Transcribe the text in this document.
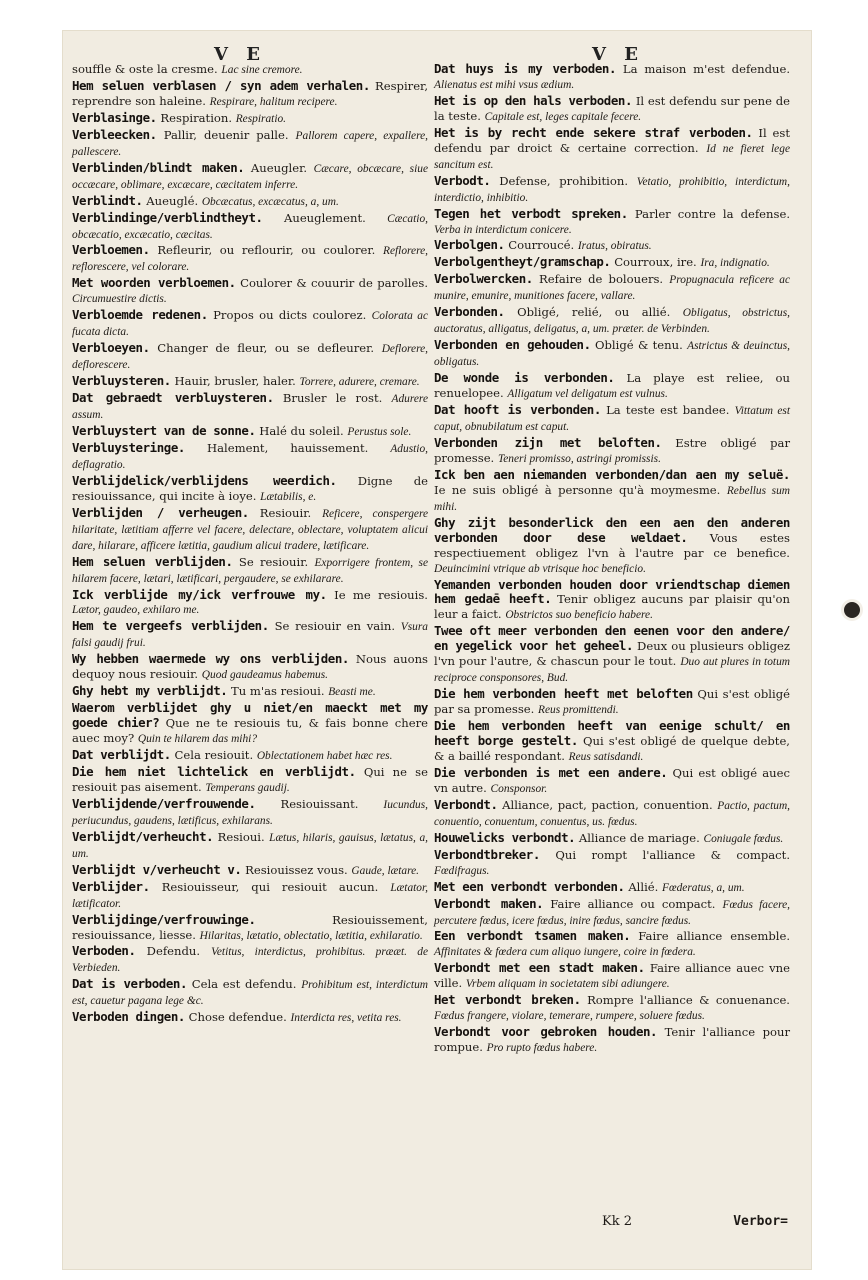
V E	V E

souffle & oste la cresme. Lac sine cremore.

Hem seluen verblasen / syn adem verhalen. Respirer, reprendre son haleine. Respirare, halitum recipere.

Verblasinge. Respiration. Respiratio.

Verbleecken. Pallir, deuenir palle. Pallorem capere, expallere, pallescere.

Verblinden/blindt maken. Aueugler. Cæcare, obcæcare, siue occæcare, oblimare, excæcare, cæcitatem inferre.

Verblindt. Aueuglé. Obcæcatus, excæcatus, a, um.

Verblindinge/verblindtheyt. Aueuglement. Cæcatio, obcæcatio, excæcatio, cæcitas.

Verbloemen. Refleurir, ou reflourir, ou coulorer. Reflorere, reflorescere, vel colorare.

Met woorden verbloemen. Coulorer & couurir de parolles. Circumuestire dictis.

Verbloemde redenen. Propos ou dicts coulorez. Colorata ac fucata dicta.

Verbloeyen. Changer de fleur, ou se defleurer. Deflorere, deflorescere.

Verbluysteren. Hauir, brusler, haler. Torrere, adurere, cremare.

Dat gebraedt verbluysteren. Brusler le rost. Adurere assum.

Verbluystert van de sonne. Halé du soleil. Perustus sole.

Verbluysteringe. Halement, hauissement. Adustio, deflagratio.

Verblijdelick/verblijdens weerdich. Digne de resiouissance, qui incite à ioye. Lætabilis, e.

Verblijden / verheugen. Resiouir. Reficere, conspergere hilaritate, lætitiam afferre vel facere, delectare, oblectare, voluptatem alicui dare, hilarare, afficere lætitia, gaudium alicui tradere, lætificare.

Hem seluen verblijden. Se resiouir. Exporrigere frontem, se hilarem facere, lætari, lætificari, pergaudere, se exhilarare.

Ick verblijde my/ick verfrouwe my. Ie me resiouis. Lætor, gaudeo, exhilaro me.

Hem te vergeefs verblijden. Se resiouir en vain. Vsura falsi gaudij frui.

Wy hebben waermede wy ons verblijden. Nous auons dequoy nous resiouir. Quod gaudeamus habemus.

Ghy hebt my verblijdt. Tu m'as resioui. Beasti me.

Waerom verblijdet ghy u niet/en maeckt met my goede chier? Que ne te resiouis tu, & fais bonne chere auec moy? Quin te hilarem das mihi?

Dat verblijdt. Cela resiouit. Oblectationem habet hæc res.

Die hem niet lichtelick en verblijdt. Qui ne se resiouit pas aisement. Temperans gaudij.

Verblijdende/verfrouwende. Resiouissant. Iucundus, periucundus, gaudens, lætificus, exhilarans.

Verblijdt/verheucht. Resioui. Lætus, hilaris, gauisus, lætatus, a, um.

Verblijdt v/verheucht v. Resiouissez vous. Gaude, lætare.

Verblijder. Resiouisseur, qui resiouit aucun. Lætator, lætificator.

Verblijdinge/verfrouwinge.	Resiouissement, resiouissance, liesse. Hilaritas, lætatio, oblectatio, lætitia, exhilaratio.

Verboden. Defendu. Vetitus, interdictus, prohibitus. prææt. de Verbieden.

Dat is verboden. Cela est defendu. Prohibitum est, interdictum est, cauetur pagana lege &c.

Verboden dingen. Chose defendue. Interdicta res, vetita res.

Dat huys is my verboden. La maison m'est defendue. Alienatus est mihi vsus ædium.

Het is op den hals verboden. Il est defendu sur pene de la teste. Capitale est, leges capitale fecere.

Het is by recht ende sekere straf verboden. Il est defendu par droict & certaine correction. Id ne fieret lege sancitum est.

Verbodt. Defense, prohibition. Vetatio, prohibitio, interdictum, interdictio, inhibitio.

Tegen het verbodt spreken. Parler contre la defense. Verba in interdictum conicere.

Verbolgen. Courroucé. Iratus, obiratus.

Verbolgentheyt/gramschap. Courroux, ire. Ira, indignatio.

Verbolwercken. Refaire de bolouers. Propugnacula reficere ac munire, emunire, munitiones facere, vallare.

Verbonden. Obligé, relié, ou allié. Obligatus, obstrictus, auctoratus, alligatus, deligatus, a, um. præter. de Verbinden.

Verbonden en gehouden. Obligé & tenu. Astrictus & deuinctus, obligatus.

De wonde is verbonden. La playe est reliee, ou renuelopee. Alligatum vel deligatum est vulnus.

Dat hooft is verbonden. La teste est bandee. Vittatum est caput, obnubilatum est caput.

Verbonden zijn met beloften. Estre obligé par promesse. Teneri promisso, astringi promissis.

Ick ben aen niemanden verbonden/dan aen my seluë. Ie ne suis obligé à personne qu'à moymesme. Rebellus sum mihi.

Ghy zijt besonderlick den een aen den anderen verbonden door dese weldaet. Vous estes respectiuement obligez l'vn à l'autre par ce benefice. Deuincimini vtrique ab vtrisque hoc beneficio.

Yemanden verbonden houden door vriendtschap diemen hem gedaē heeft. Tenir obligez aucuns par plaisir qu'on leur a faict. Obstrictos suo beneficio habere.

Twee oft meer verbonden den eenen voor den andere/ en yegelick voor het geheel. Deux ou plusieurs obligez l'vn pour l'autre, & chascun pour le tout. Duo aut plures in totum reciproce consponsores, Bud.

Die hem verbonden heeft met beloften Qui s'est obligé par sa promesse. Reus promittendi.

Die hem verbonden heeft van eenige schult/ en heeft borge gestelt. Qui s'est obligé de quelque debte, & a baillé respondant. Reus satisdandi.

Die verbonden is met een andere. Qui est obligé auec vn autre. Consponsor.

Verbondt. Alliance, pact, paction, conuention. Pactio, pactum, conuentio, conuentum, conuentus, us. fœdus.

Houwelicks verbondt. Alliance de mariage. Coniugale fœdus.

Verbondtbreker. Qui rompt l'alliance & compact. Fœdifragus.

Met een verbondt verbonden. Allié. Fœderatus, a, um.

Verbondt maken. Faire alliance ou compact. Fœdus facere, percutere fœdus, icere fœdus, inire fœdus, sancire fœdus.

Een verbondt tsamen maken. Faire alliance ensemble. Affinitates & fœdera cum aliquo iungere, coire in fœdera.

Verbondt met een stadt maken. Faire alliance auec vne ville. Vrbem aliquam in societatem sibi adiungere.

Het verbondt breken. Rompre l'alliance & conuenance. Fœdus frangere, violare, temerare, rumpere, soluere fœdus.

Verbondt voor gebroken houden. Tenir l'alliance pour rompue. Pro rupto fœdus habere.

Kk 2	Verbor=
